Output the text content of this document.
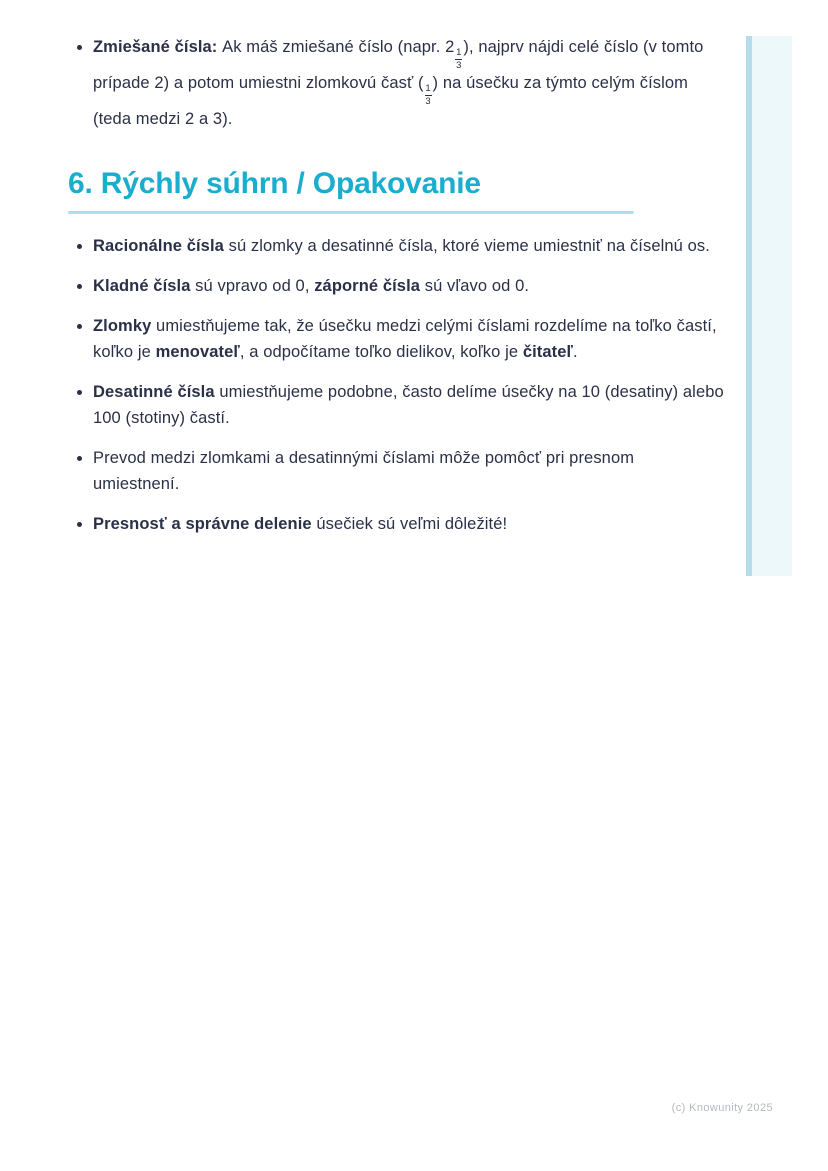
Zmiešané čísla: Ak máš zmiešané číslo (napr. 2
$\frac{1}{3}$
), najprv nájdi celé číslo (v tomto prípade 2) a potom umiestni zlomkovú časť (
$\frac{1}{3}$
) na úsečku za týmto celým číslom (teda medzi 2 a 3).
6. Rýchly súhrn / Opakovanie
Racionálne čísla sú zlomky a desatinné čísla, ktoré vieme umiestniť na číselnú os.
Kladné čísla sú vpravo od 0, záporné čísla sú vľavo od 0.
Zlomky umiestňujeme tak, že úsečku medzi celými číslami rozdelíme na toľko častí, koľko je menovateľ, a odpočítame toľko dielikov, koľko je čitateľ.
Desatinné čísla umiestňujeme podobne, často delíme úsečky na 10 (desatiny) alebo 100 (stotiny) častí.
Prevod medzi zlomkami a desatinnými číslami môže pomôcť pri presnom umiestnení.
Presnosť a správne delenie úsečiek sú veľmi dôležité!
(c) Knowunity 2025
